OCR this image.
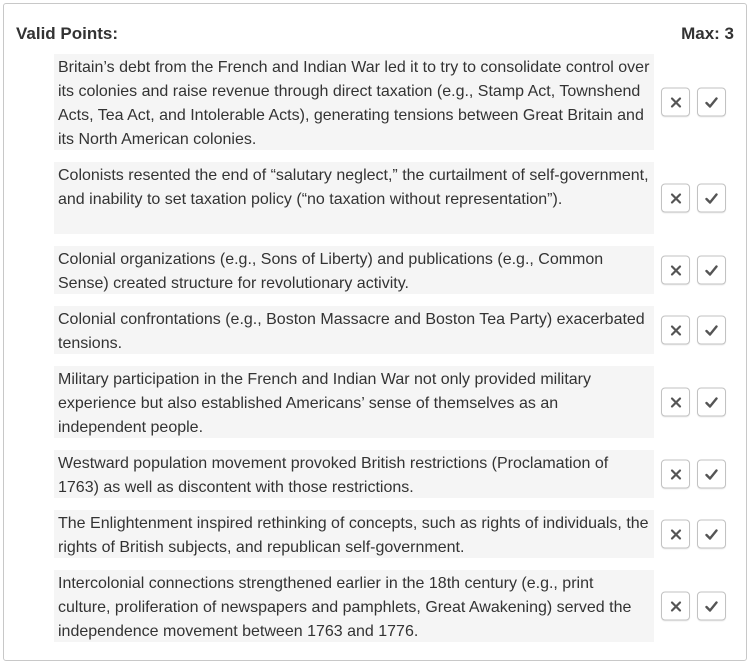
Valid Points:	Max: 3
Britain’s debt from the French and Indian War led it to try to consolidate control over its colonies and raise revenue through direct taxation (e.g., Stamp Act, Townshend Acts, Tea Act, and Intolerable Acts), generating tensions between Great Britain and its North American colonies.
Colonists resented the end of “salutary neglect,” the curtailment of self-government, and inability to set taxation policy (“no taxation without representation”).
Colonial organizations (e.g., Sons of Liberty) and publications (e.g., Common Sense) created structure for revolutionary activity.
Colonial confrontations (e.g., Boston Massacre and Boston Tea Party) exacerbated tensions.
Military participation in the French and Indian War not only provided military experience but also established Americans’ sense of themselves as an independent people.
Westward population movement provoked British restrictions (Proclamation of 1763) as well as discontent with those restrictions.
The Enlightenment inspired rethinking of concepts, such as rights of individuals, the rights of British subjects, and republican self-government.
Intercolonial connections strengthened earlier in the 18th century (e.g., print culture, proliferation of newspapers and pamphlets, Great Awakening) served the independence movement between 1763 and 1776.
